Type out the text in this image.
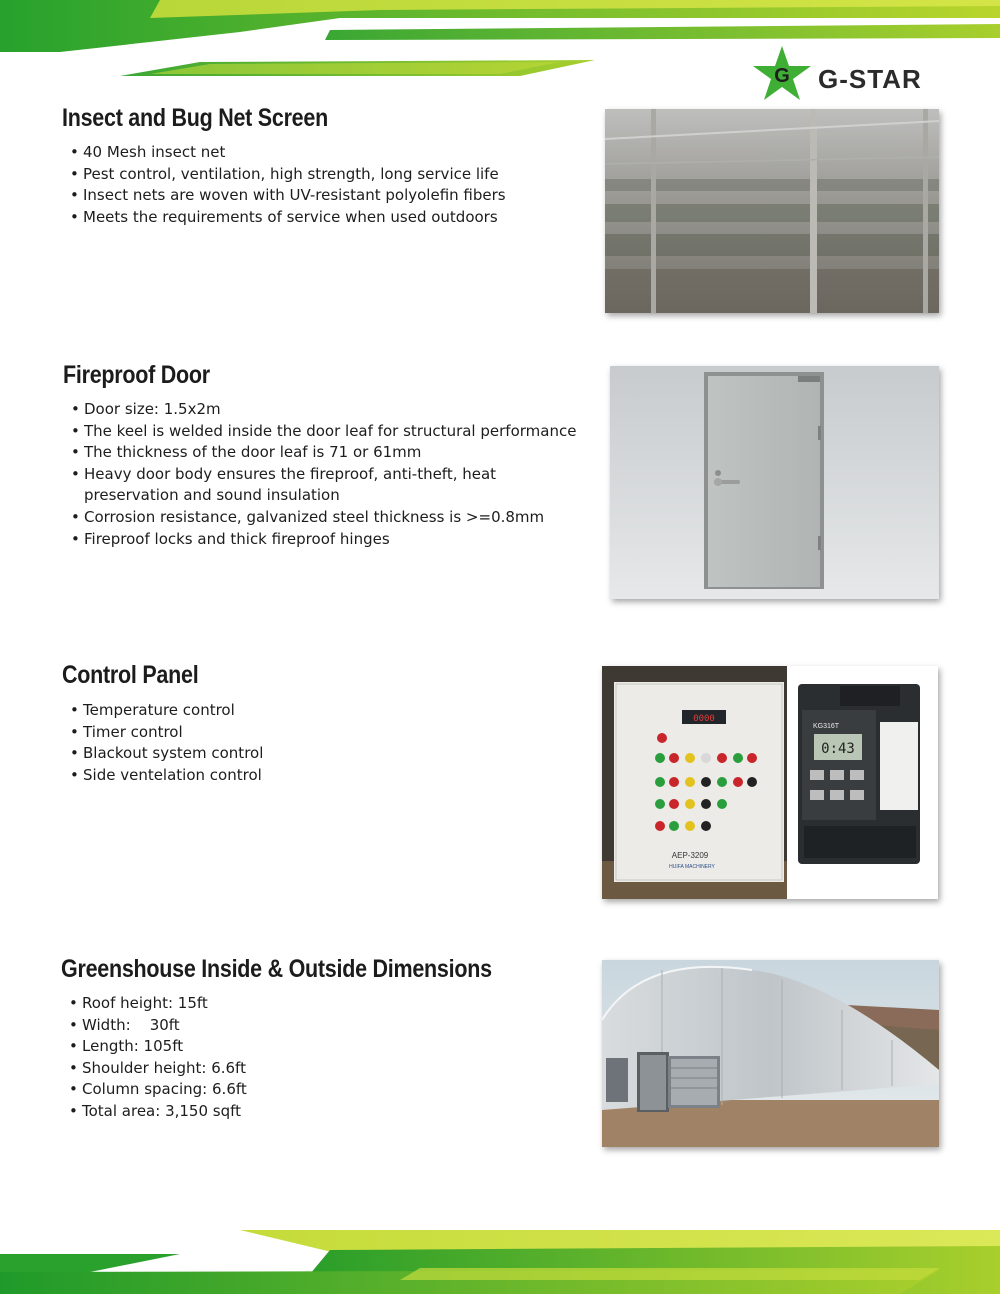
G G-STAR
Insect and Bug Net Screen
• 40 Mesh insect net
• Pest control, ventilation, high strength, long service life
• Insect nets are woven with UV-resistant polyolefin fibers
• Meets the requirements of service when used outdoors
Fireproof Door
• Door size: 1.5x2m
• The keel is welded inside the door leaf for structural performance
• The thickness of the door leaf is 71 or 61mm
• Heavy door body ensures the fireproof, anti-theft, heat preservation and sound insulation
• Corrosion resistance, galvanized steel thickness is >=0.8mm
• Fireproof locks and thick fireproof hinges
Control Panel
• Temperature control
• Timer control
• Blackout system control
• Side ventelation control
0000
AEP-3209
HUIFA MACHINERY
0:43
KG316T
Greenshouse Inside & Outside Dimensions
• Roof height: 15ft
• Width:    30ft
• Length: 105ft
• Shoulder height: 6.6ft
• Column spacing: 6.6ft
• Total area: 3,150 sqft
